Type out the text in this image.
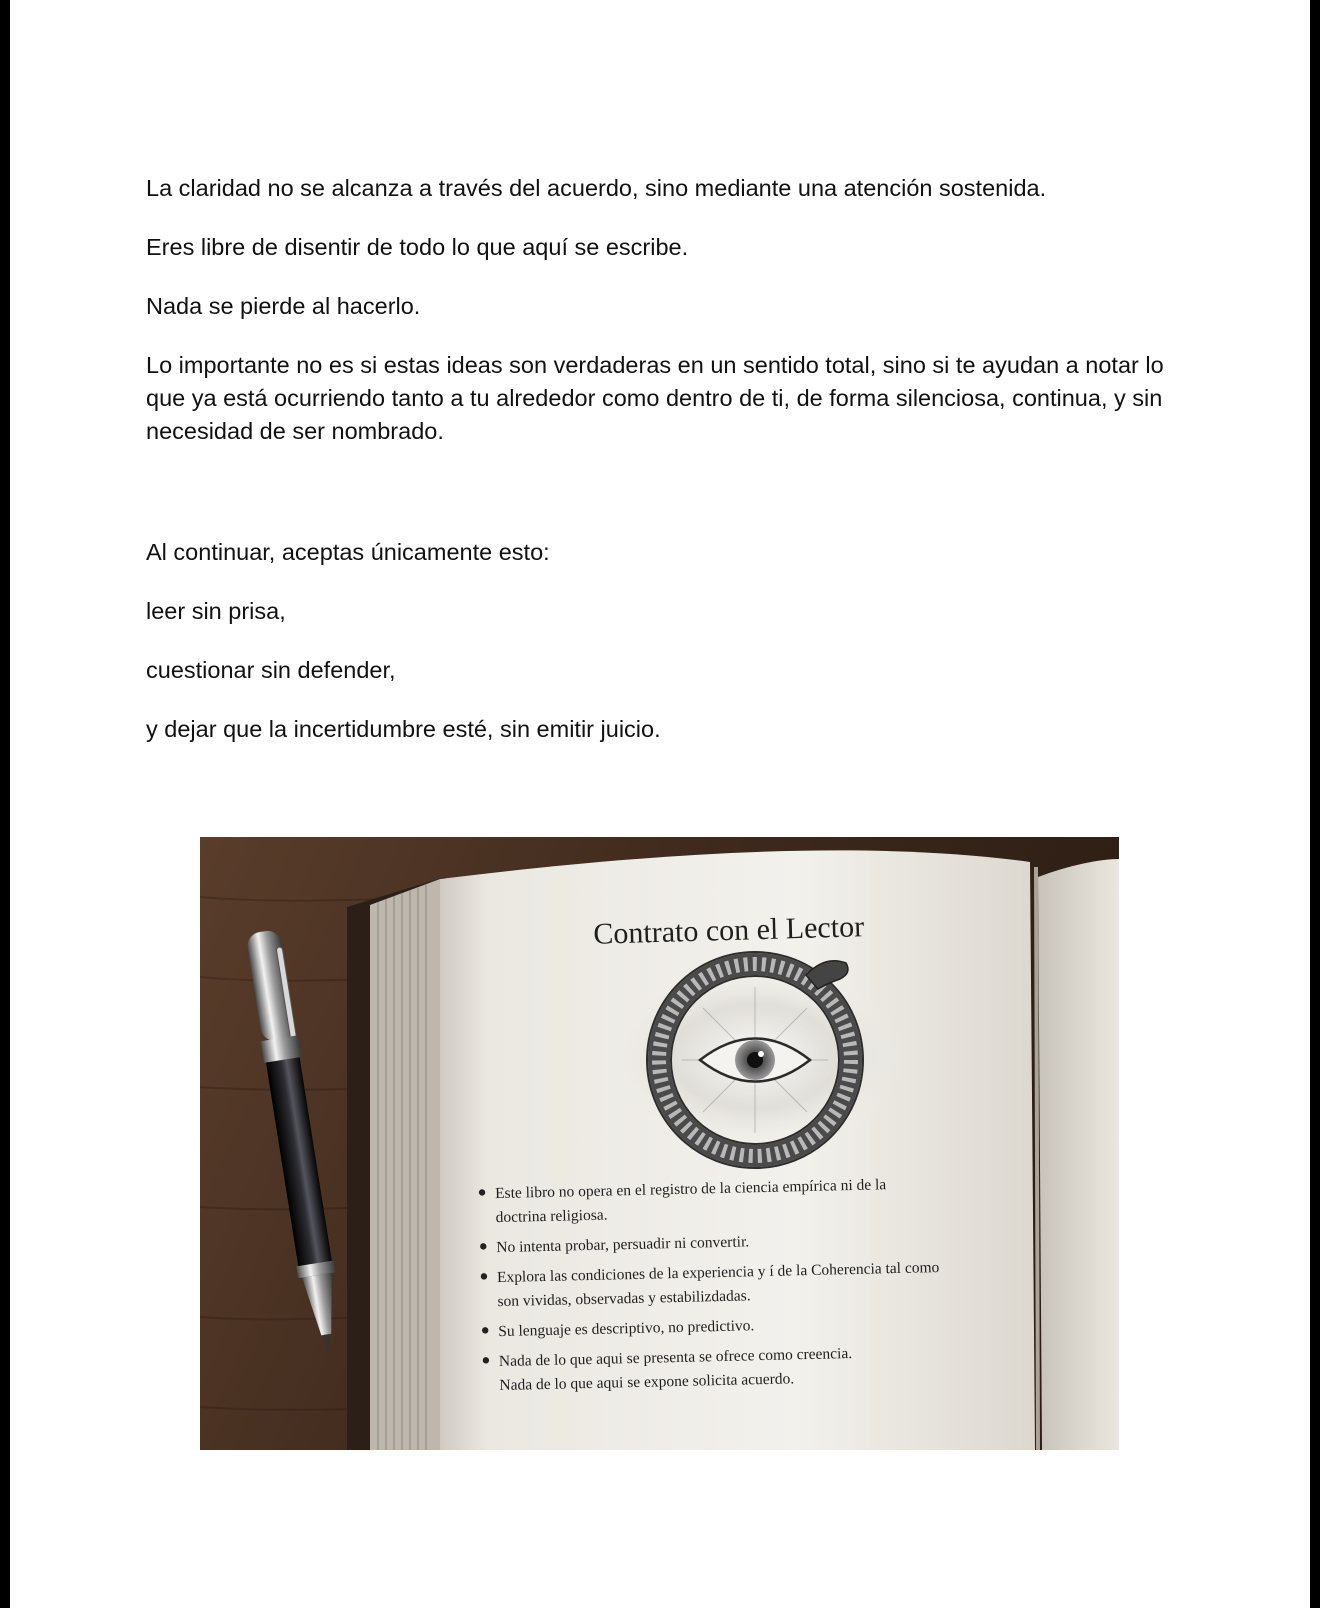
La claridad no se alcanza a través del acuerdo, sino mediante una atención sostenida.

Eres libre de disentir de todo lo que aquí se escribe.

Nada se pierde al hacerlo.

Lo importante no es si estas ideas son verdaderas en un sentido total, sino si te ayudan a notar lo que ya está ocurriendo tanto a tu alrededor como dentro de ti, de forma silenciosa, continua, y sin necesidad de ser nombrado.

Al continuar, aceptas únicamente esto:

leer sin prisa,

cuestionar sin defender,

y dejar que la incertidumbre esté, sin emitir juicio.

Contrato con el Lector
Este libro no opera en el registro de la ciencia empírica ni de la
doctrina religiosa.
No intenta probar, persuadir ni convertir.
Explora las condiciones de la experiencia y í de la Coherencia tal como
son vividas, observadas y estabilizdadas.
Su lenguaje es descriptivo, no predictivo.
Nada de lo que aqui se presenta se ofrece como creencia.
Nada de lo que aqui se expone solicita acuerdo.
